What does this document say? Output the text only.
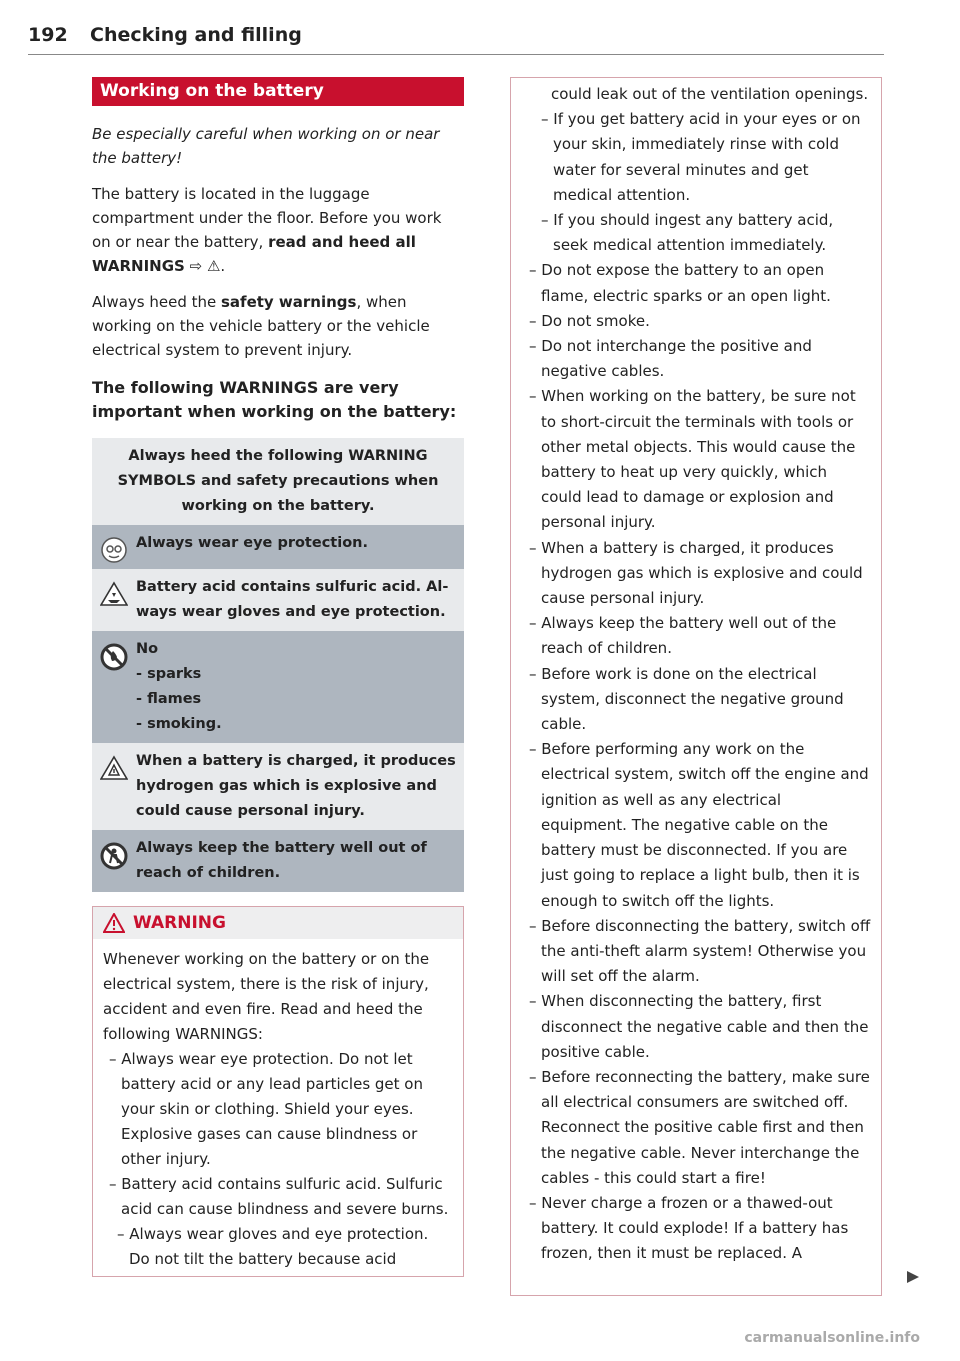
192 Checking and filling
Working on the battery
Be especially careful when working on or near the battery!
The battery is located in the luggage compartment under the floor. Before you work on or near the battery, read and heed all WARNINGS ⇨ ⚠.
Always heed the safety warnings, when working on the vehicle battery or the vehicle electrical system to prevent injury.
The following WARNINGS are very important when working on the battery:
Always heed the following WARNING SYMBOLS and safety precautions when working on the battery.
Always wear eye protection.
Battery acid contains sulfuric acid. Al-
ways wear gloves and eye protection.
No
- sparks
- flames
- smoking.
When a battery is charged, it produces
hydrogen gas which is explosive and
could cause personal injury.
Always keep the battery well out of
reach of children.
WARNING
Whenever working on the battery or on the electrical system, there is the risk of injury, accident and even fire. Read and heed the following WARNINGS:
– Always wear eye protection. Do not let battery acid or any lead particles get on your skin or clothing. Shield your eyes. Explosive gases can cause blindness or other injury.
– Battery acid contains sulfuric acid. Sulfuric acid can cause blindness and severe burns.
– Always wear gloves and eye protection. Do not tilt the battery because acid
could leak out of the ventilation openings.
– If you get battery acid in your eyes or on your skin, immediately rinse with cold water for several minutes and get medical attention.
– If you should ingest any battery acid, seek medical attention immediately.
– Do not expose the battery to an open flame, electric sparks or an open light.
– Do not smoke.
– Do not interchange the positive and negative cables.
– When working on the battery, be sure not to short-circuit the terminals with tools or other metal objects. This would cause the battery to heat up very quickly, which could lead to damage or explosion and personal injury.
– When a battery is charged, it produces hydrogen gas which is explosive and could cause personal injury.
– Always keep the battery well out of the reach of children.
– Before work is done on the electrical system, disconnect the negative ground cable.
– Before performing any work on the electrical system, switch off the engine and ignition as well as any electrical equipment. The negative cable on the battery must be disconnected. If you are just going to replace a light bulb, then it is enough to switch off the lights.
– Before disconnecting the battery, switch off the anti-theft alarm system! Otherwise you will set off the alarm.
– When disconnecting the battery, first disconnect the negative cable and then the positive cable.
– Before reconnecting the battery, make sure all electrical consumers are switched off. Reconnect the positive cable first and then the negative cable. Never interchange the cables - this could start a fire!
– Never charge a frozen or a thawed-out battery. It could explode! If a battery has frozen, then it must be replaced. A
carmanualsonline.info
